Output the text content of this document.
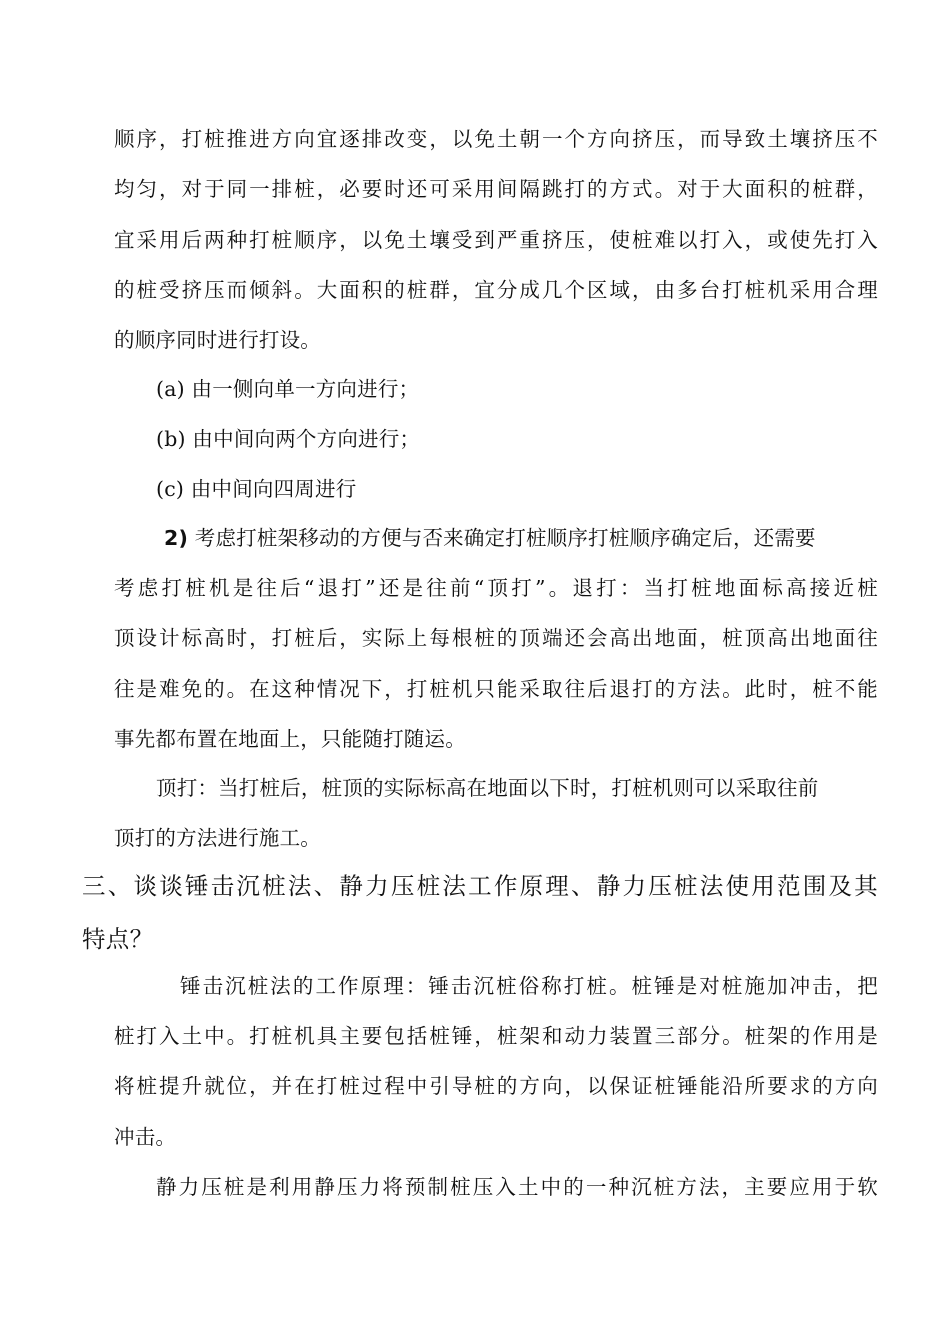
顺序，打桩推进方向宜逐排改变，以免土朝一个方向挤压，而导致土壤挤压不
均匀，对于同一排桩，必要时还可采用间隔跳打的方式。对于大面积的桩群，
宜采用后两种打桩顺序，以免土壤受到严重挤压，使桩难以打入，或使先打入
的桩受挤压而倾斜。大面积的桩群，宜分成几个区域，由多台打桩机采用合理
的顺序同时进行打设。
(a) 由一侧向单一方向进行；
(b) 由中间向两个方向进行；
(c) 由中间向四周进行
2) 考虑打桩架移动的方便与否来确定打桩顺序打桩顺序确定后，还需要
考虑打桩机是往后“退打”还是往前“顶打”。退打：当打桩地面标高接近桩
顶设计标高时，打桩后，实际上每根桩的顶端还会高出地面，桩顶高出地面往
往是难免的。在这种情况下，打桩机只能采取往后退打的方法。此时，桩不能
事先都布置在地面上，只能随打随运。
顶打：当打桩后，桩顶的实际标高在地面以下时，打桩机则可以采取往前
顶打的方法进行施工。
三、谈谈锤击沉桩法、静力压桩法工作原理、静力压桩法使用范围及其
特点？
锤击沉桩法的工作原理：锤击沉桩俗称打桩。桩锤是对桩施加冲击，把
桩打入土中。打桩机具主要包括桩锤，桩架和动力装置三部分。桩架的作用是
将桩提升就位，并在打桩过程中引导桩的方向，以保证桩锤能沿所要求的方向
冲击。
静力压桩是利用静压力将预制桩压入土中的一种沉桩方法，主要应用于软
